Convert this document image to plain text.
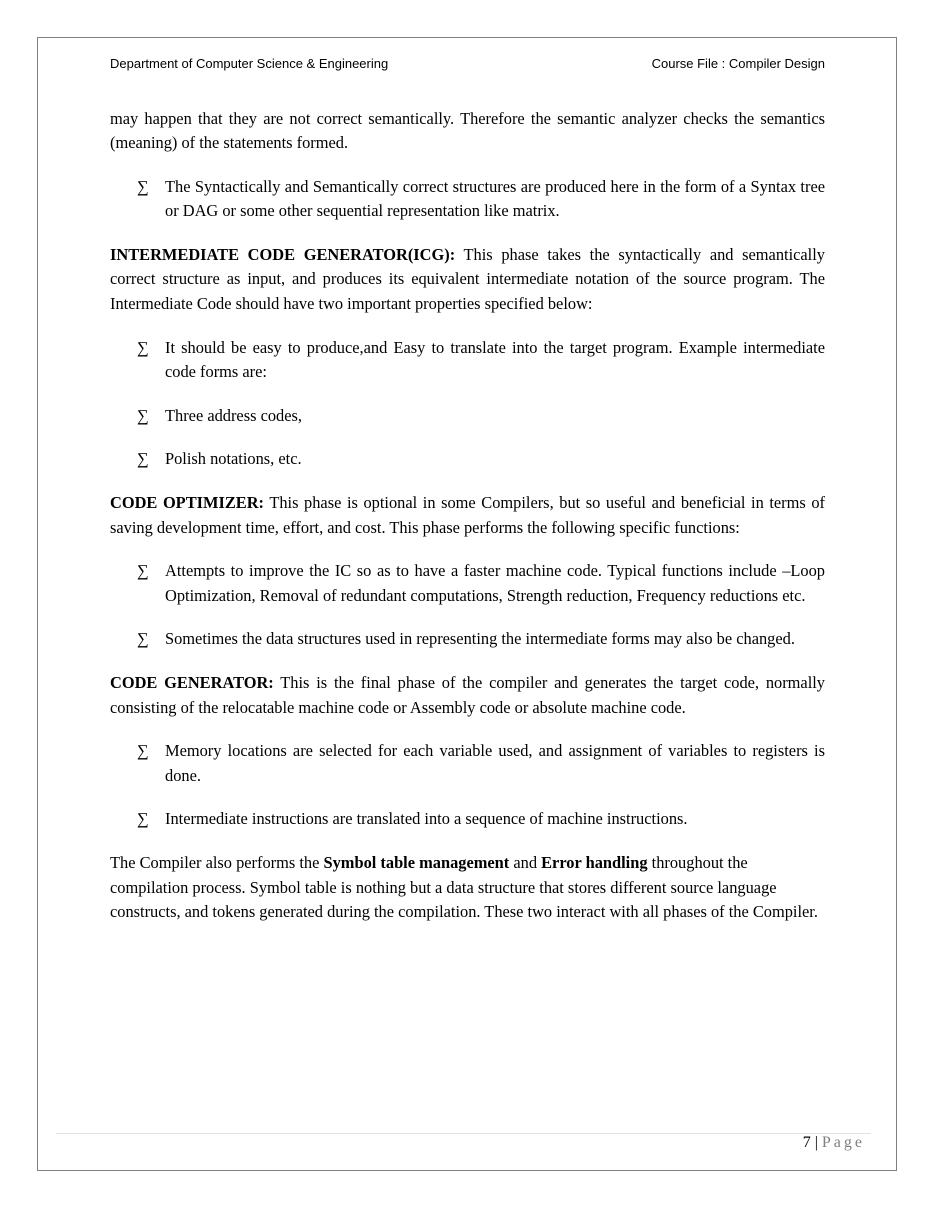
Department of Computer Science & Engineering	Course File : Compiler Design

may happen that they are not correct semantically. Therefore the semantic analyzer checks the semantics (meaning) of the statements formed.

∑ The Syntactically and Semantically correct structures are produced here in the form of a Syntax tree or DAG or some other sequential representation like matrix.

INTERMEDIATE CODE GENERATOR(ICG): This phase takes the syntactically and semantically correct structure as input, and produces its equivalent intermediate notation of the source program. The Intermediate Code should have two important properties specified below:

∑ It should be easy to produce,and Easy to translate into the target program. Example intermediate code forms are:

∑ Three address codes,

∑ Polish notations, etc.

CODE OPTIMIZER: This phase is optional in some Compilers, but so useful and beneficial in terms of saving development time, effort, and cost. This phase performs the following specific functions:

∑ Attempts to improve the IC so as to have a faster machine code. Typical functions include –Loop Optimization, Removal of redundant computations, Strength reduction, Frequency reductions etc.

∑ Sometimes the data structures used in representing the intermediate forms may also be changed.

CODE GENERATOR: This is the final phase of the compiler and generates the target code, normally consisting of the relocatable machine code or Assembly code or absolute machine code.

∑ Memory locations are selected for each variable used, and assignment of variables to registers is done.

∑ Intermediate instructions are translated into a sequence of machine instructions.

The Compiler also performs the Symbol table management and Error handling throughout the compilation process. Symbol table is nothing but a data structure that stores different source language constructs, and tokens generated during the compilation. These two interact with all phases of the Compiler.

7 | Page
